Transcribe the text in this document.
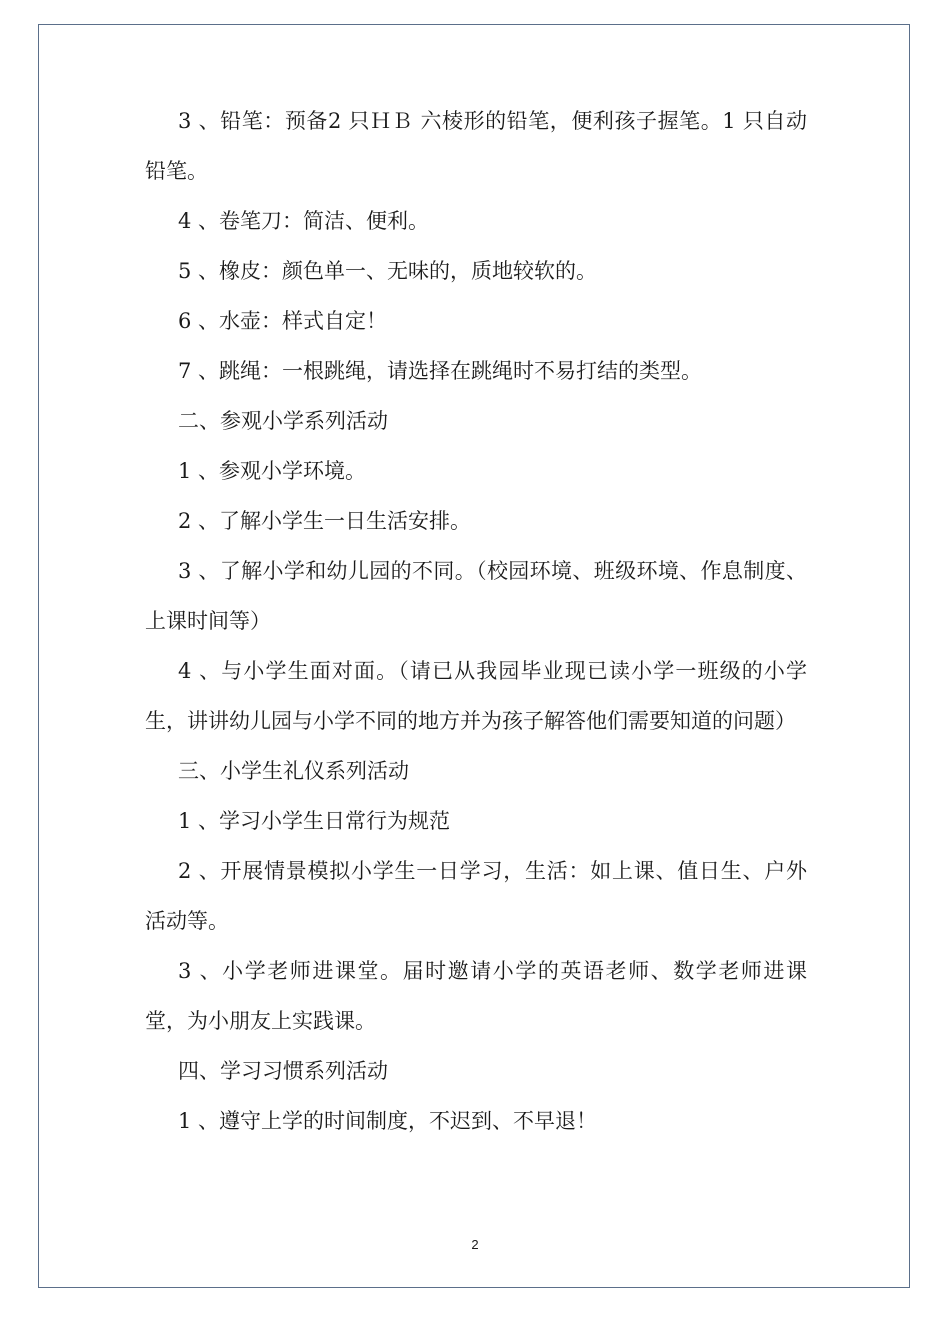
3 、铅笔：预备2 只ＨＢ 六棱形的铅笔，便利孩子握笔。1 只自动铅笔。

4 、卷笔刀：简洁、便利。

5 、橡皮：颜色单一、无味的，质地较软的。

6 、水壶：样式自定！

7 、跳绳：一根跳绳，请选择在跳绳时不易打结的类型。

二、参观小学系列活动

1 、参观小学环境。

2 、了解小学生一日生活安排。

3 、了解小学和幼儿园的不同。（校园环境、班级环境、作息制度、上课时间等）

4 、与小学生面对面。（请已从我园毕业现已读小学一班级的小学生，讲讲幼儿园与小学不同的地方并为孩子解答他们需要知道的问题）

三、小学生礼仪系列活动

1 、学习小学生日常行为规范

2 、开展情景模拟小学生一日学习，生活：如上课、值日生、户外活动等。

3 、小学老师进课堂。届时邀请小学的英语老师、数学老师进课堂，为小朋友上实践课。

四、学习习惯系列活动

1 、遵守上学的时间制度，不迟到、不早退！

2
